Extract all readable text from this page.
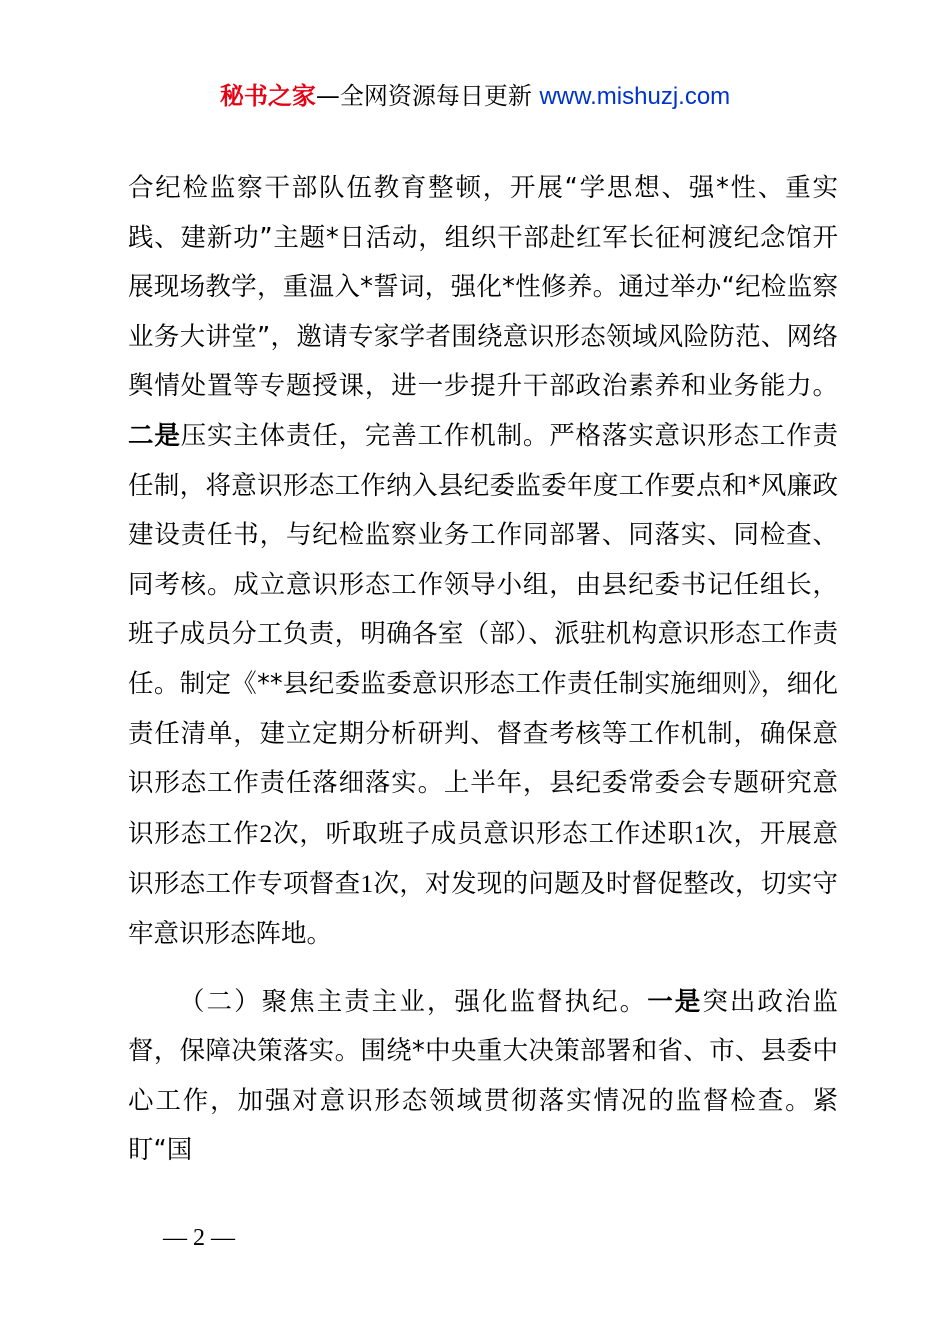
秘书之家—全网资源每日更新 www.mishuzj.com

合纪检监察干部队伍教育整顿，开展“学思想、强*性、重实践、建新功”主题*日活动，组织干部赴红军长征柯渡纪念馆开展现场教学，重温入*誓词，强化*性修养。通过举办“纪检监察业务大讲堂”，邀请专家学者围绕意识形态领域风险防范、网络舆情处置等专题授课，进一步提升干部政治素养和业务能力。二是压实主体责任，完善工作机制。严格落实意识形态工作责任制，将意识形态工作纳入县纪委监委年度工作要点和*风廉政建设责任书，与纪检监察业务工作同部署、同落实、同检查、同考核。成立意识形态工作领导小组，由县纪委书记任组长，班子成员分工负责，明确各室（部）、派驻机构意识形态工作责任。制定《**县纪委监委意识形态工作责任制实施细则》，细化责任清单，建立定期分析研判、督查考核等工作机制，确保意识形态工作责任落细落实。上半年，县纪委常委会专题研究意识形态工作2次，听取班子成员意识形态工作述职1次，开展意识形态工作专项督查1次，对发现的问题及时督促整改，切实守牢意识形态阵地。

（二）聚焦主责主业，强化监督执纪。一是突出政治监督，保障决策落实。围绕*中央重大决策部署和省、市、县委中心工作，加强对意识形态领域贯彻落实情况的监督检查。紧盯“国

— 2 —
